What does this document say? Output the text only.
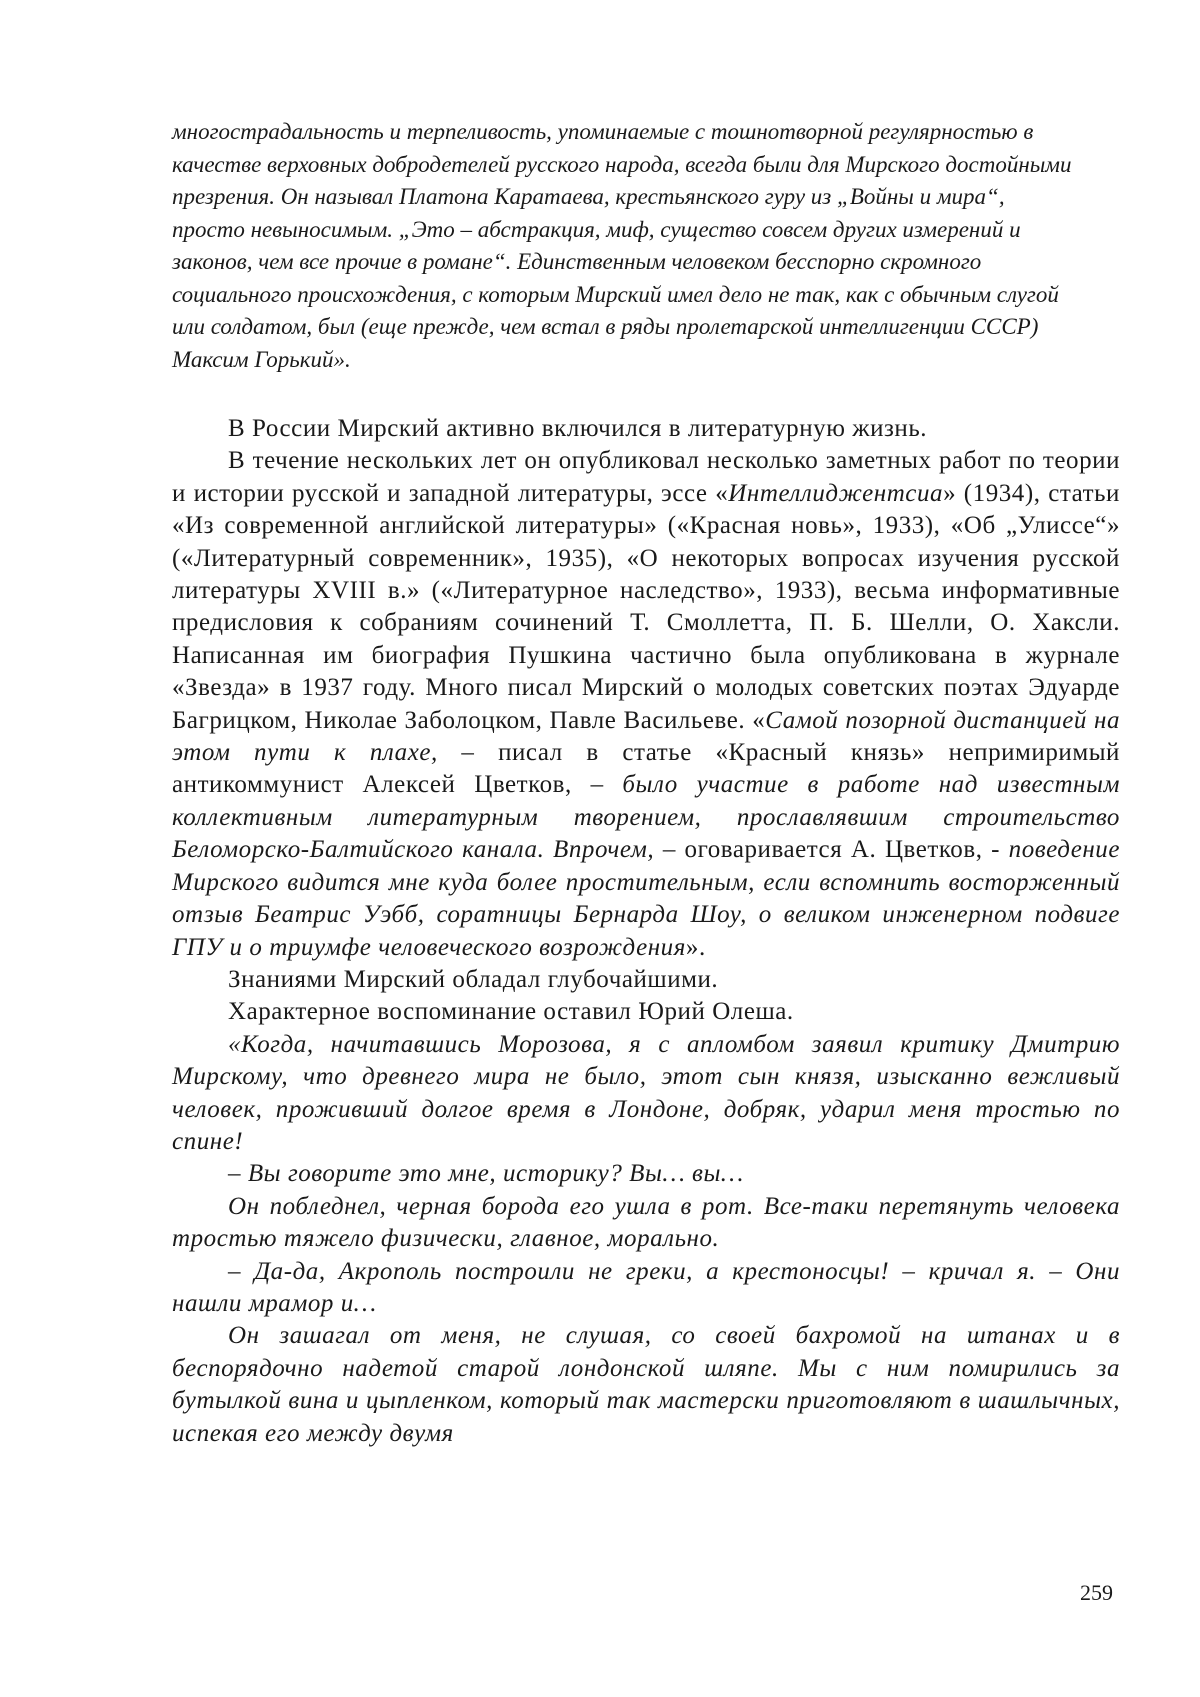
многострадальность и терпеливость, упоминаемые с тошнотворной регулярностью в качестве верховных добродетелей русского народа, всегда были для Мирского достойными презрения. Он называл Платона Каратаева, крестьянского гуру из „Войны и мира“, просто невыносимым. „Это – абстракция, миф, существо совсем других измерений и законов, чем все прочие в романе“. Единственным человеком бесспорно скромного социального происхождения, с которым Мирский имел дело не так, как с обычным слугой или солдатом, был (еще прежде, чем встал в ряды пролетарской интеллигенции СССР) Максим Горький».

В России Мирский активно включился в литературную жизнь.

В течение нескольких лет он опубликовал несколько заметных работ по теории и истории русской и западной литературы, эссе «Интеллиджентсиа» (1934), статьи «Из современной английской литературы» («Красная новь», 1933), «Об „Улиссе“» («Литературный современник», 1935), «О некоторых вопросах изучения русской литературы XVIII в.» («Литературное наследство», 1933), весьма информативные предисловия к собраниям сочинений Т. Смоллетта, П. Б. Шелли, О. Хаксли. Написанная им биография Пушкина частично была опубликована в журнале «Звезда» в 1937 году. Много писал Мирский о молодых советских поэтах Эдуарде Багрицком, Николае Заболоцком, Павле Васильеве. «Самой позорной дистанцией на этом пути к плахе, – писал в статье «Красный князь» непримиримый антикоммунист Алексей Цветков, – было участие в работе над известным коллективным литературным творением, прославлявшим строительство Беломорско-Балтийского канала. Впрочем, – оговаривается А. Цветков, - поведение Мирского видится мне куда более простительным, если вспомнить восторженный отзыв Беатрис Уэбб, соратницы Бернарда Шоу, о великом инженерном подвиге ГПУ и о триумфе человеческого возрождения».

Знаниями Мирский обладал глубочайшими.

Характерное воспоминание оставил Юрий Олеша.

«Когда, начитавшись Морозова, я с апломбом заявил критику Дмитрию Мирскому, что древнего мира не было, этот сын князя, изысканно вежливый человек, проживший долгое время в Лондоне, добряк, ударил меня тростью по спине!

– Вы говорите это мне, историку? Вы… вы…

Он побледнел, черная борода его ушла в рот. Все-таки перетянуть человека тростью тяжело физически, главное, морально.

– Да-да, Акрополь построили не греки, а крестоносцы! – кричал я. – Они нашли мрамор и…

Он зашагал от меня, не слушая, со своей бахромой на штанах и в беспорядочно надетой старой лондонской шляпе. Мы с ним помирились за бутылкой вина и цыпленком, который так мастерски приготовляют в шашлычных, испекая его между двумя

259
